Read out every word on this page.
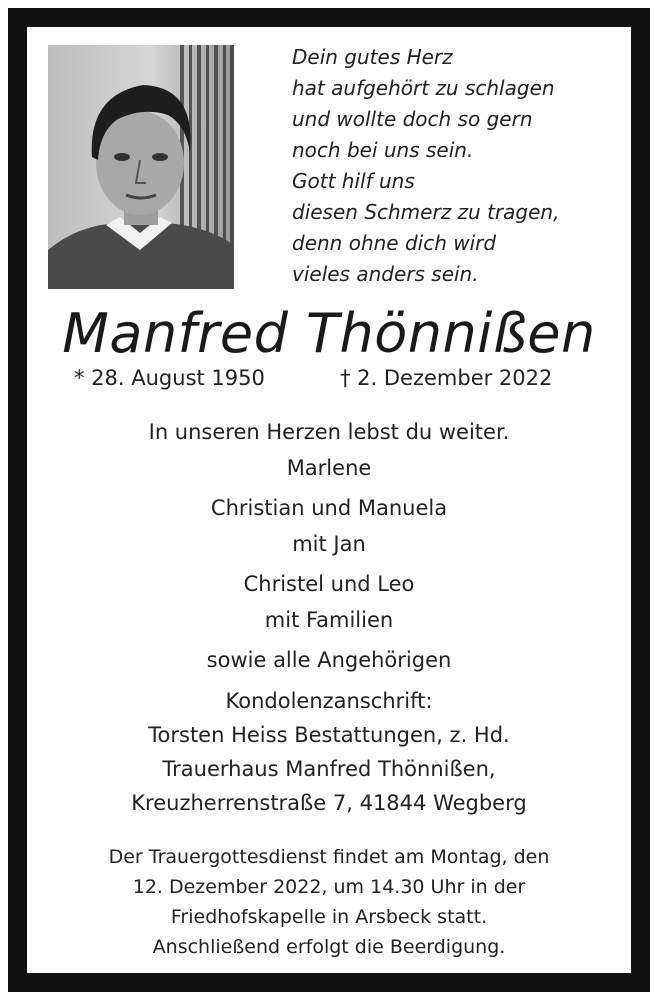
Dein gutes Herz
hat aufgehört zu schlagen
und wollte doch so gern
noch bei uns sein.
Gott hilf uns
diesen Schmerz zu tragen,
denn ohne dich wird
vieles anders sein.
Manfred Thönnißen
* 28. August 1950	† 2. Dezember 2022
In unseren Herzen lebst du weiter.
Marlene
Christian und Manuela
mit Jan
Christel und Leo
mit Familien
sowie alle Angehörigen
Kondolenzanschrift:
Torsten Heiss Bestattungen, z. Hd.
Trauerhaus Manfred Thönnißen,
Kreuzherrenstraße 7, 41844 Wegberg
Der Trauergottesdienst findet am Montag, den
12. Dezember 2022, um 14.30 Uhr in der
Friedhofskapelle in Arsbeck statt.
Anschließend erfolgt die Beerdigung.
